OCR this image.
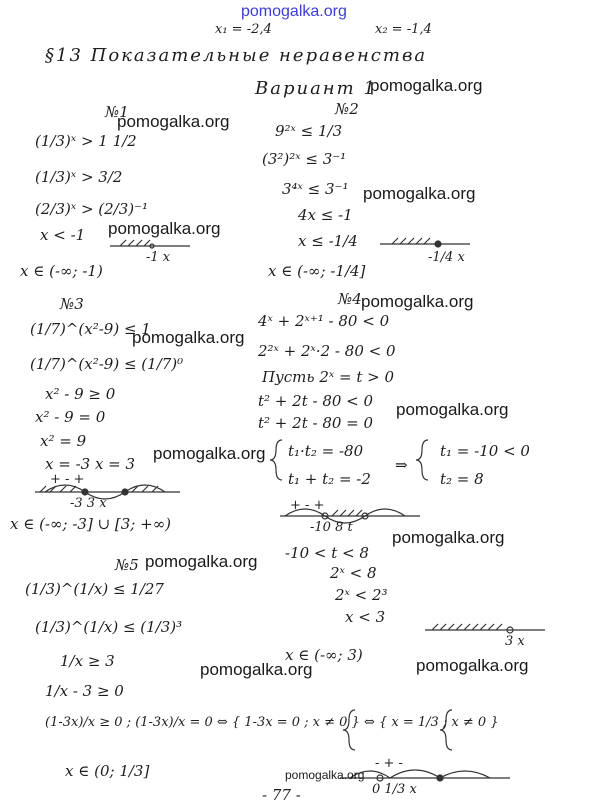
pomogalka.org
x₁ = -2,4	x₂ = -1,4
§13 Показательные неравенства
Вариант 1
pomogalka.org
№1
pomogalka.org
(1/3)ˣ > 1 1/2
(1/3)ˣ > 3/2
(2/3)ˣ > (2/3)⁻¹
x < -1 pomogalka.org
-1 x
x ∈ (-∞; -1)
№2
9²ˣ ≤ 1/3
(3²)²ˣ ≤ 3⁻¹
3⁴ˣ ≤ 3⁻¹ pomogalka.org
4x ≤ -1
x ≤ -1/4
-1/4 x
x ∈ (-∞; -1/4]
№3
(1/7)^(x²-9) ≤ 1
pomogalka.org
(1/7)^(x²-9) ≤ (1/7)⁰
x² - 9 ≥ 0
x² - 9 = 0
x² = 9
pomogalka.org
x = -3 x = 3
+ - +
-3 3 x
x ∈ (-∞; -3] ∪ [3; +∞)
№4 pomogalka.org
4ˣ + 2ˣ⁺¹ - 80 < 0
2²ˣ + 2ˣ·2 - 80 < 0
Пусть 2ˣ = t > 0
t² + 2t - 80 < 0 pomogalka.org
t² + 2t - 80 = 0
t₁·t₂ = -80
t₁ + t₂ = -2
⇒
t₁ = -10 < 0
t₂ = 8
+ - +
-10 8 t
pomogalka.org
-10 < t < 8
2ˣ < 8
2ˣ < 2³
x < 3
3 x
x ∈ (-∞; 3)
pomogalka.org
№5 pomogalka.org
(1/3)^(1/x) ≤ 1/27
(1/3)^(1/x) ≤ (1/3)³
1/x ≥ 3	pomogalka.org
1/x - 3 ≥ 0
(1-3x)/x ≥ 0 ; (1-3x)/x = 0 ⇔ { 1-3x = 0 ; x ≠ 0 } ⇔ { x = 1/3 ; x ≠ 0 }
- + -
0 1/3 x
x ∈ (0; 1/3]	pomogalka.org
- 77 -
